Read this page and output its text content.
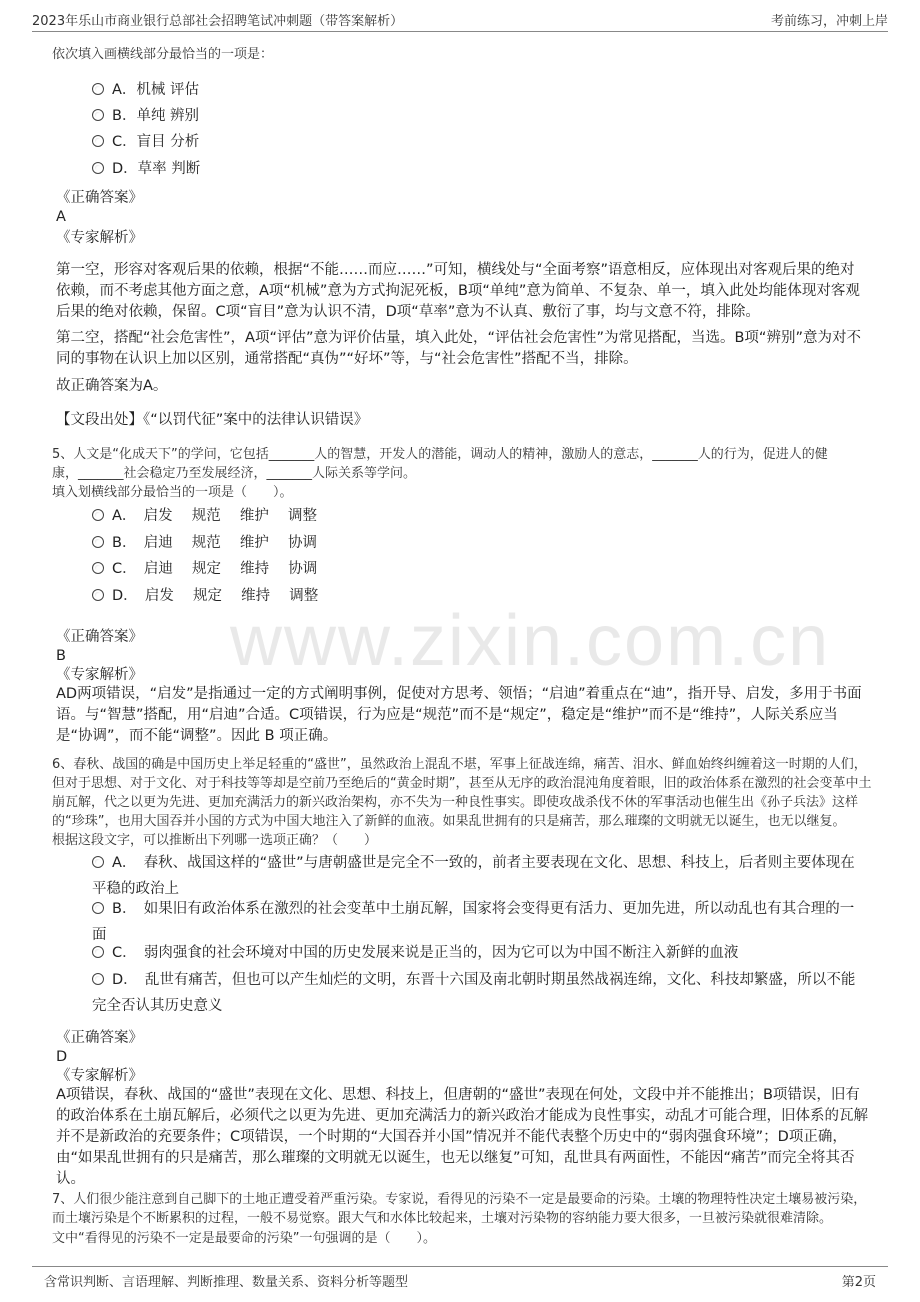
www.zixin.com.cn
2023年乐山市商业银行总部社会招聘笔试冲刺题（带答案解析）	考前练习，冲刺上岸
依次填入画横线部分最恰当的一项是：
A．机械 评估
B．单纯 辨别
C．盲目 分析
D．草率 判断
《正确答案》
A
《专家解析》
第一空，形容对客观后果的依赖，根据“不能……而应……”可知，横线处与“全面考察”语意相反，应体现出对客观后果的绝对依赖，而不考虑其他方面之意，A项“机械”意为方式拘泥死板，B项“单纯”意为简单、不复杂、单一，填入此处均能体现对客观后果的绝对依赖，保留。C项“盲目”意为认识不清，D项“草率”意为不认真、敷衍了事，均与文意不符，排除。
第二空，搭配“社会危害性”，A项“评估”意为评价估量，填入此处，“评估社会危害性”为常见搭配，当选。B项“辨别”意为对不同的事物在认识上加以区别，通常搭配“真伪”“好坏”等，与“社会危害性”搭配不当，排除。
故正确答案为A。
【文段出处】《“以罚代征”案中的法律认识错误》
5、人文是“化成天下”的学问，它包括_______人的智慧，开发人的潜能，调动人的精神，激励人的意志，_______人的行为，促进人的健
康，_______社会稳定乃至发展经济，_______人际关系等学问。
填入划横线部分最恰当的一项是（　　）。
A．　启发　 规范　 维护　 调整
B．　启迪　 规范　 维护　 协调
C．　启迪　 规定　 维持　 协调
D．　启发　 规定　 维持　 调整
《正确答案》
B
《专家解析》
AD两项错误，“启发”是指通过一定的方式阐明事例，促使对方思考、领悟；“启迪”着重点在“迪”，指开导、启发，多用于书面语。与“智慧”搭配，用“启迪”合适。C项错误，行为应是“规范”而不是“规定”，稳定是“维护”而不是“维持”，人际关系应当是“协调”，而不能“调整”。因此 B 项正确。
6、春秋、战国的确是中国历史上举足轻重的“盛世”，虽然政治上混乱不堪，军事上征战连绵，痛苦、泪水、鲜血始终纠缠着这一时期的人们，但对于思想、对于文化、对于科技等等却是空前乃至绝后的“黄金时期”，甚至从无序的政治混沌角度着眼，旧的政治体系在激烈的社会变革中土崩瓦解，代之以更为先进、更加充满活力的新兴政治架构，亦不失为一种良性事实。即使攻战杀伐不休的军事活动也催生出《孙子兵法》这样的“珍珠”，也用大国吞并小国的方式为中国大地注入了新鲜的血液。如果乱世拥有的只是痛苦，那么璀璨的文明就无以诞生，也无以继复。
根据这段文字，可以推断出下列哪一选项正确？（　　）
A．　春秋、战国这样的“盛世”与唐朝盛世是完全不一致的，前者主要表现在文化、思想、科技上，后者则主要体现在平稳的政治上
B．　如果旧有政治体系在激烈的社会变革中土崩瓦解，国家将会变得更有活力、更加先进，所以动乱也有其合理的一面
C．　弱肉强食的社会环境对中国的历史发展来说是正当的，因为它可以为中国不断注入新鲜的血液
D．　乱世有痛苦，但也可以产生灿烂的文明，东晋十六国及南北朝时期虽然战祸连绵，文化、科技却繁盛，所以不能完全否认其历史意义
《正确答案》
D
《专家解析》
A项错误，春秋、战国的“盛世”表现在文化、思想、科技上，但唐朝的“盛世”表现在何处，文段中并不能推出；B项错误，旧有的政治体系在土崩瓦解后，必须代之以更为先进、更加充满活力的新兴政治才能成为良性事实，动乱才可能合理，旧体系的瓦解并不是新政治的充要条件；C项错误，一个时期的“大国吞并小国”情况并不能代表整个历史中的“弱肉强食环境”；D项正确，由“如果乱世拥有的只是痛苦，那么璀璨的文明就无以诞生，也无以继复”可知，乱世具有两面性，不能因“痛苦”而完全将其否认。
7、人们很少能注意到自己脚下的土地正遭受着严重污染。专家说，看得见的污染不一定是最要命的污染。土壤的物理特性决定土壤易被污染，而土壤污染是个不断累积的过程，一般不易觉察。跟大气和水体比较起来，土壤对污染物的容纳能力要大很多，一旦被污染就很难清除。
文中“看得见的污染不一定是最要命的污染”一句强调的是（　　）。
含常识判断、言语理解、判断推理、数量关系、资料分析等题型	第2页
